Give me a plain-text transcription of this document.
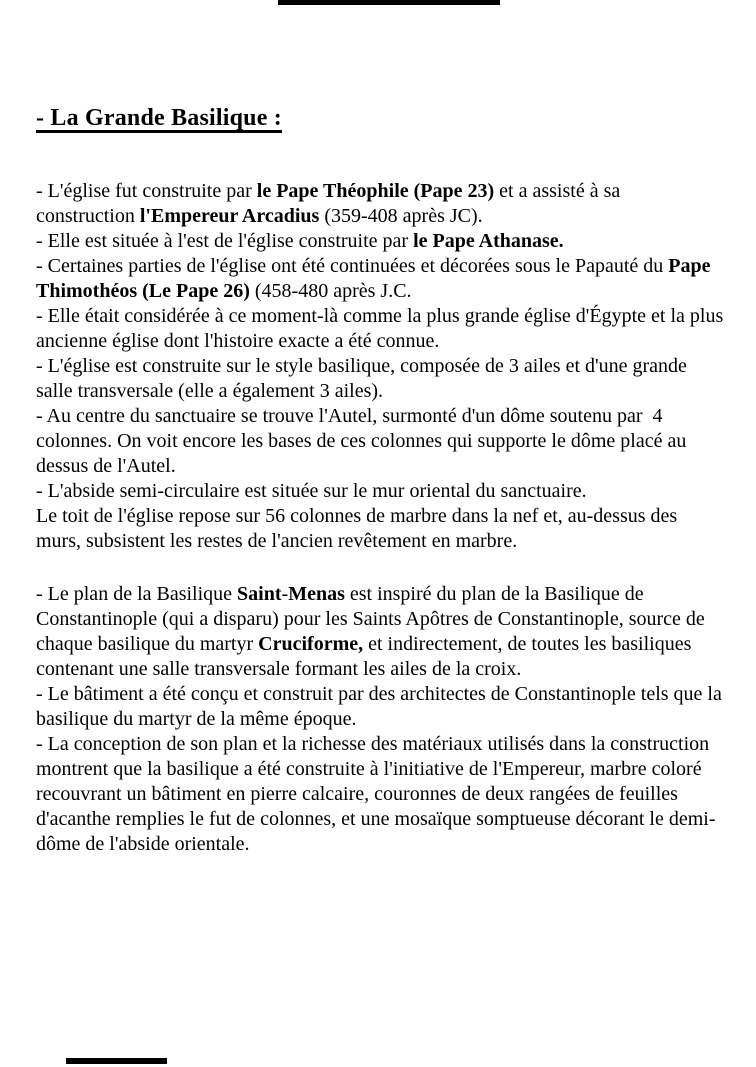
- La Grande Basilique :

- L'église fut construite par le Pape Théophile (Pape 23) et a assisté à sa construction l'Empereur Arcadius (359-408 après JC).

- Elle est située à l'est de l'église construite par le Pape Athanase.

- Certaines parties de l'église ont été continuées et décorées sous le Papauté du Pape Thimothéos (Le Pape 26) (458-480 après J.C.

- Elle était considérée à ce moment-là comme la plus grande église d'Égypte et la plus ancienne église dont l'histoire exacte a été connue.

- L'église est construite sur le style basilique, composée de 3 ailes et d'une grande salle transversale (elle a également 3 ailes).

- Au centre du sanctuaire se trouve l'Autel, surmonté d'un dôme soutenu par  4 colonnes. On voit encore les bases de ces colonnes qui supporte le dôme placé au dessus de l'Autel.

- L'abside semi-circulaire est située sur le mur oriental du sanctuaire.

Le toit de l'église repose sur 56 colonnes de marbre dans la nef et, au-dessus des murs, subsistent les restes de l'ancien revêtement en marbre.

- Le plan de la Basilique Saint-Menas est inspiré du plan de la Basilique de Constantinople (qui a disparu) pour les Saints Apôtres de Constantinople, source de chaque basilique du martyr Cruciforme, et indirectement, de toutes les basiliques contenant une salle transversale formant les ailes de la croix.

- Le bâtiment a été conçu et construit par des architectes de Constantinople tels que la basilique du martyr de la même époque.

- La conception de son plan et la richesse des matériaux utilisés dans la construction montrent que la basilique a été construite à l'initiative de l'Empereur, marbre coloré recouvrant un bâtiment en pierre calcaire, couronnes de deux rangées de feuilles d'acanthe remplies le fut de colonnes, et une mosaïque somptueuse décorant le demi-dôme de l'abside orientale.
